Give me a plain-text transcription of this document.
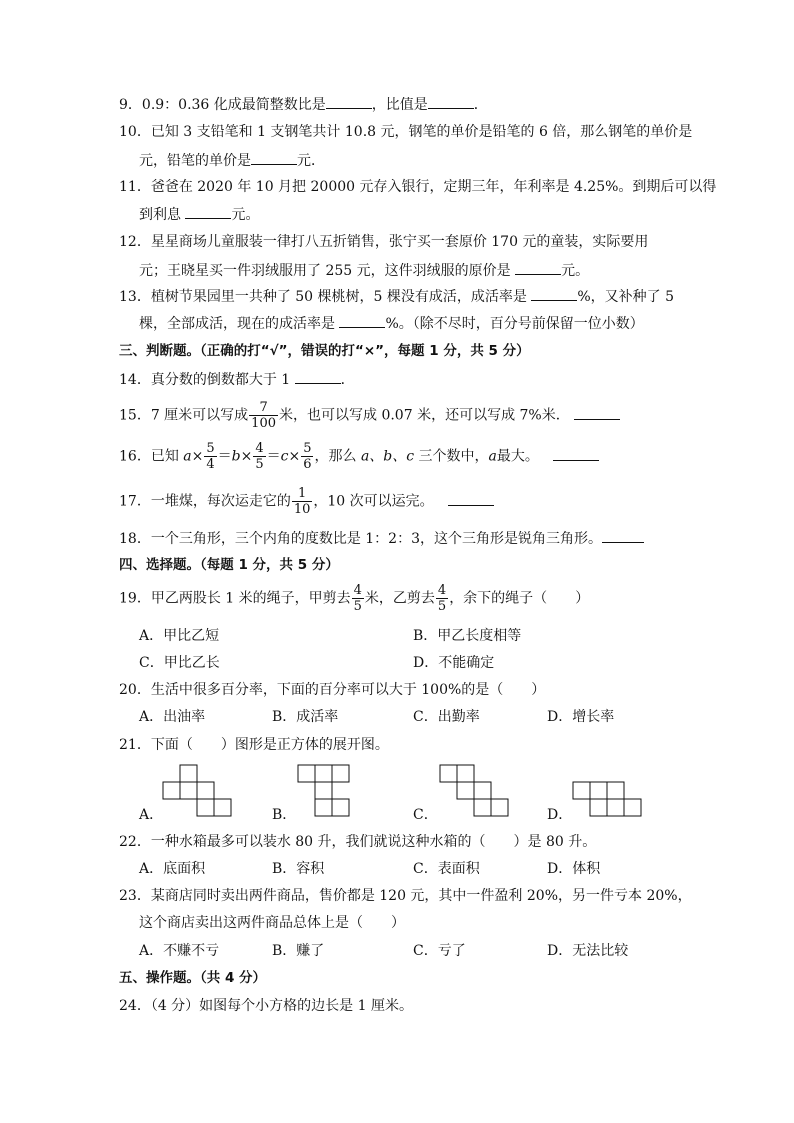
9．0.9：0.36 化成最简整数比是	，比值是	．
10．已知 3 支铅笔和 1 支钢笔共计 10.8 元，钢笔的单价是铅笔的 6 倍，那么钢笔的单价是
元，铅笔的单价是	元．
11．爸爸在 2020 年 10 月把 20000 元存入银行，定期三年，年利率是 4.25%。到期后可以得
到利息	元。
12．星星商场儿童服装一律打八五折销售，张宁买一套原价 170 元的童装，实际要用
元；王晓星买一件羽绒服用了 255 元，这件羽绒服的原价是	元。
13．植树节果园里一共种了 50 棵桃树，5 棵没有成活，成活率是	%，又补种了 5
棵，全部成活，现在的成活率是	%。（除不尽时，百分号前保留一位小数）
三、判断题。（正确的打“√”，错误的打“×”，每题 1 分，共 5 分）
14．真分数的倒数都大于 1	．
15．7 厘米可以写成 $\frac{7}{100}$ 米，也可以写成 0.07 米，还可以写成 7%米．
16．已知 $a\times \frac{5}{4} =b\times \frac{4}{5} =c\times \frac{5}{6}$ ，那么 a、b、c 三个数中，a最大。
17．一堆煤，每次运走它的 $\frac{1}{10}$ ，10 次可以运完。
18．一个三角形，三个内角的度数比是 1：2：3，这个三角形是锐角三角形。
四、选择题。（每题 1 分，共 5 分）
19．甲乙两股长 1 米的绳子，甲剪去 $\frac{4}{5}$ 米，乙剪去 $\frac{4}{5}$ ，余下的绳子（ ）
A．甲比乙短	B．甲乙长度相等
C．甲比乙长	D．不能确定
20．生活中很多百分率，下面的百分率可以大于 100%的是（　　）
A．出油率	B．成活率	C．出勤率	D．增长率
21．下面（　　）图形是正方体的展开图。
A．	B．	C．	D．
22．一种水箱最多可以装水 80 升，我们就说这种水箱的（　　）是 80 升。
A．底面积	B．容积	C．表面积	D．体积
23．某商店同时卖出两件商品，售价都是 120 元，其中一件盈利 20%，另一件亏本 20%，
这个商店卖出这两件商品总体上是（　　）
A．不赚不亏	B．赚了	C．亏了	D．无法比较
五、操作题。（共 4 分）
24．（4 分）如图每个小方格的边长是 1 厘米。
